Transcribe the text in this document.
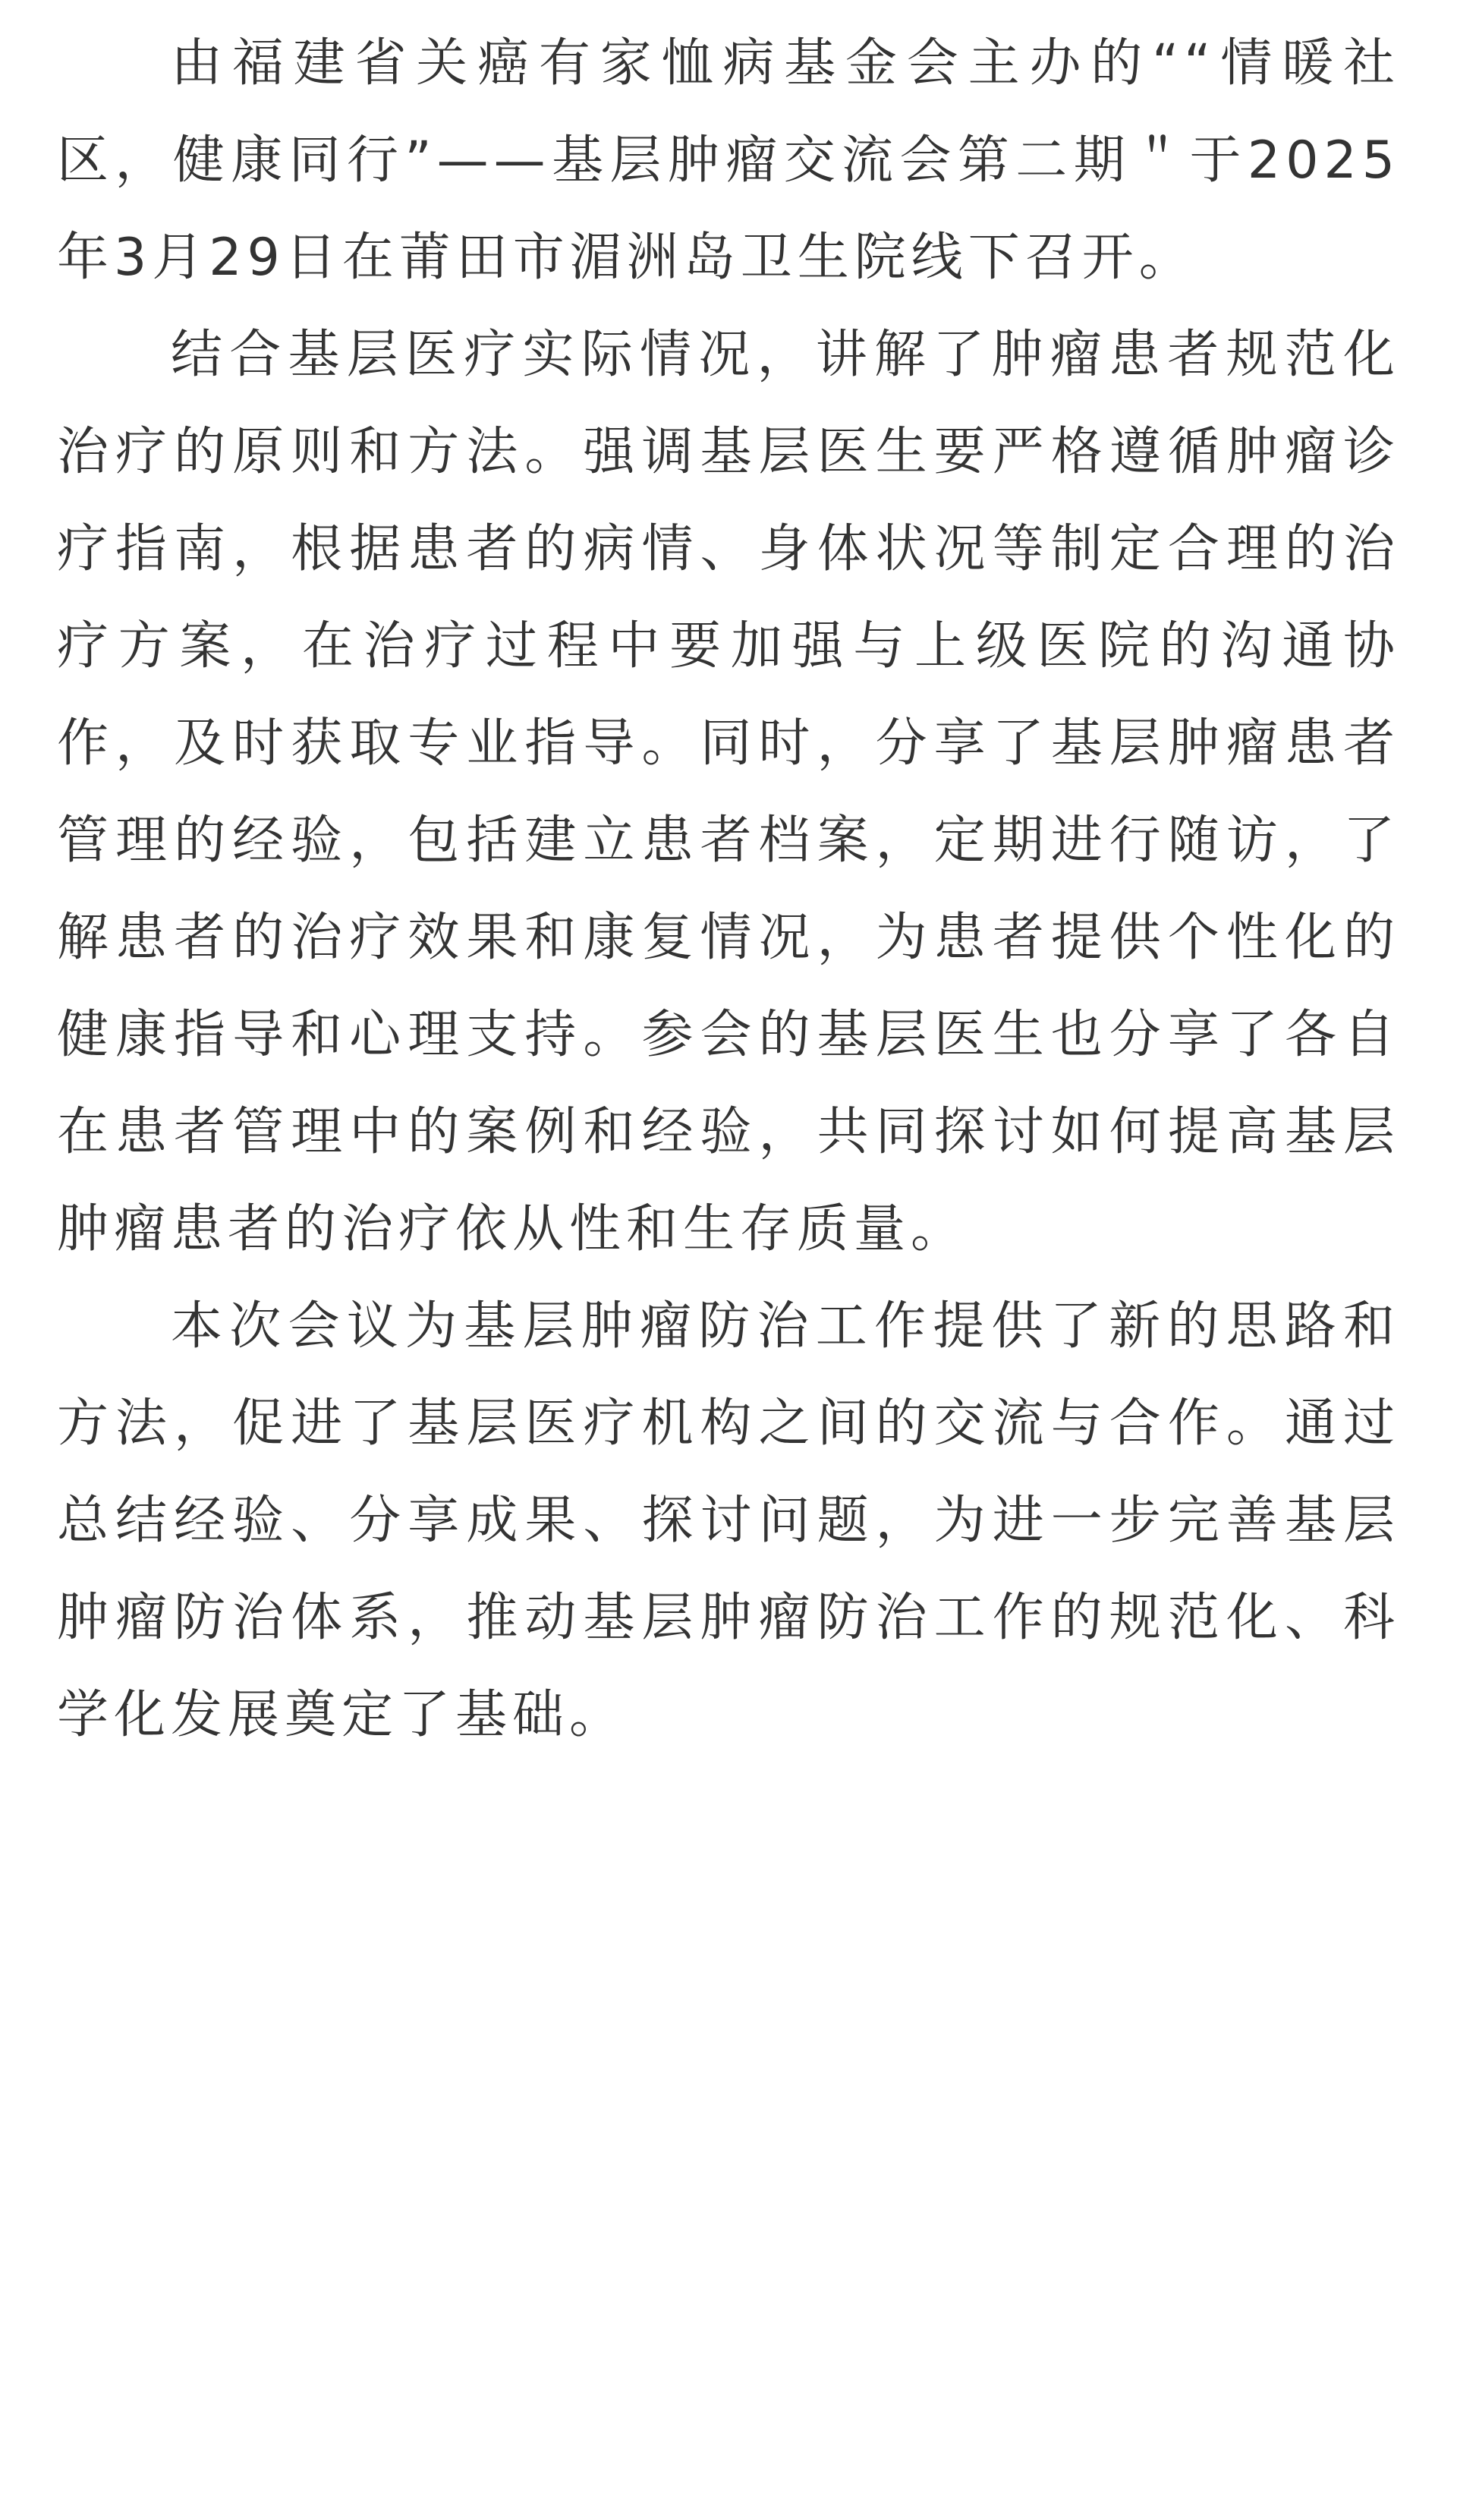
由福建省关癌有家恤病基金会主办的““情暖社区，健康同行”——基层肿瘤交流会第二期＂于2025年3月29日在莆田市湄洲岛卫生院线下召开。

结合基层医疗实际情况，讲解了肿瘤患者规范化治疗的原则和方法。强调基层医生要严格遵循肿瘤诊疗指南，根据患者的病情、身体状况等制定合理的治疗方案，在治疗过程中要加强与上级医院的沟通协作，及时获取专业指导。同时，分享了基层肿瘤患者管理的经验，包括建立患者档案，定期进行随访，了解患者的治疗效果和康复情况，为患者提供个性化的健康指导和心理支持。参会的基层医生也分享了各自在患者管理中的案例和经验，共同探讨如何提高基层肿瘤患者的治疗依从性和生存质量。

本次会议为基层肿瘤防治工作提供了新的思路和方法，促进了基层医疗机构之间的交流与合作。通过总结经验、分享成果、探讨问题，为进一步完善基层肿瘤防治体系，推动基层肿瘤防治工作的规范化、科学化发展奠定了基础。
